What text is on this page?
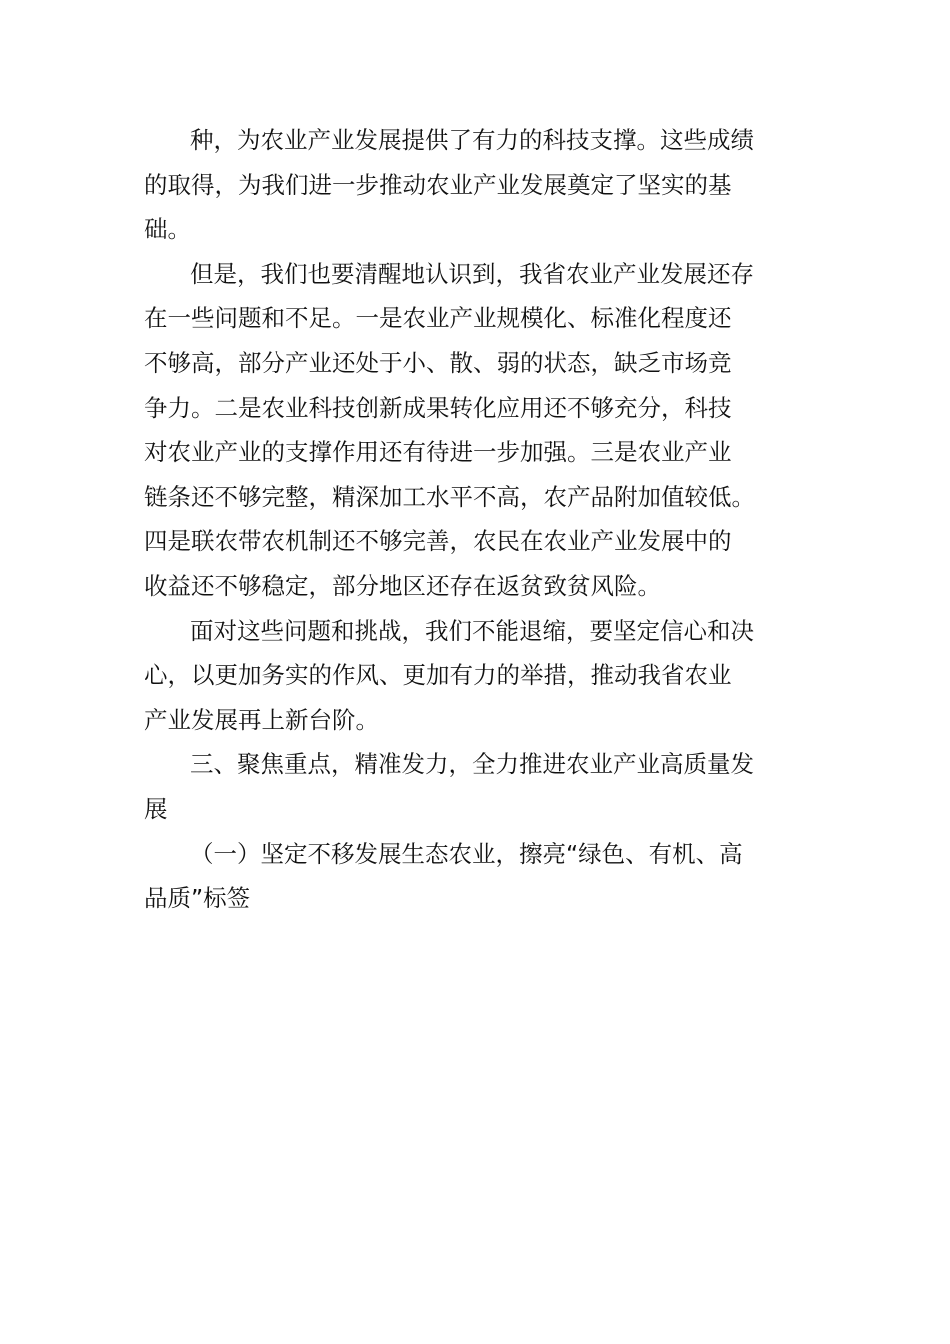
种，为农业产业发展提供了有力的科技支撑。这些成绩
的取得，为我们进一步推动农业产业发展奠定了坚实的基
础。
但是，我们也要清醒地认识到，我省农业产业发展还存
在一些问题和不足。一是农业产业规模化、标准化程度还
不够高，部分产业还处于小、散、弱的状态，缺乏市场竞
争力。二是农业科技创新成果转化应用还不够充分，科技
对农业产业的支撑作用还有待进一步加强。三是农业产业
链条还不够完整，精深加工水平不高，农产品附加值较低。
四是联农带农机制还不够完善，农民在农业产业发展中的
收益还不够稳定，部分地区还存在返贫致贫风险。
面对这些问题和挑战，我们不能退缩，要坚定信心和决
心，以更加务实的作风、更加有力的举措，推动我省农业
产业发展再上新台阶。
三、聚焦重点，精准发力，全力推进农业产业高质量发
展
（一）坚定不移发展生态农业，擦亮“绿色、有机、高
品质”标签
